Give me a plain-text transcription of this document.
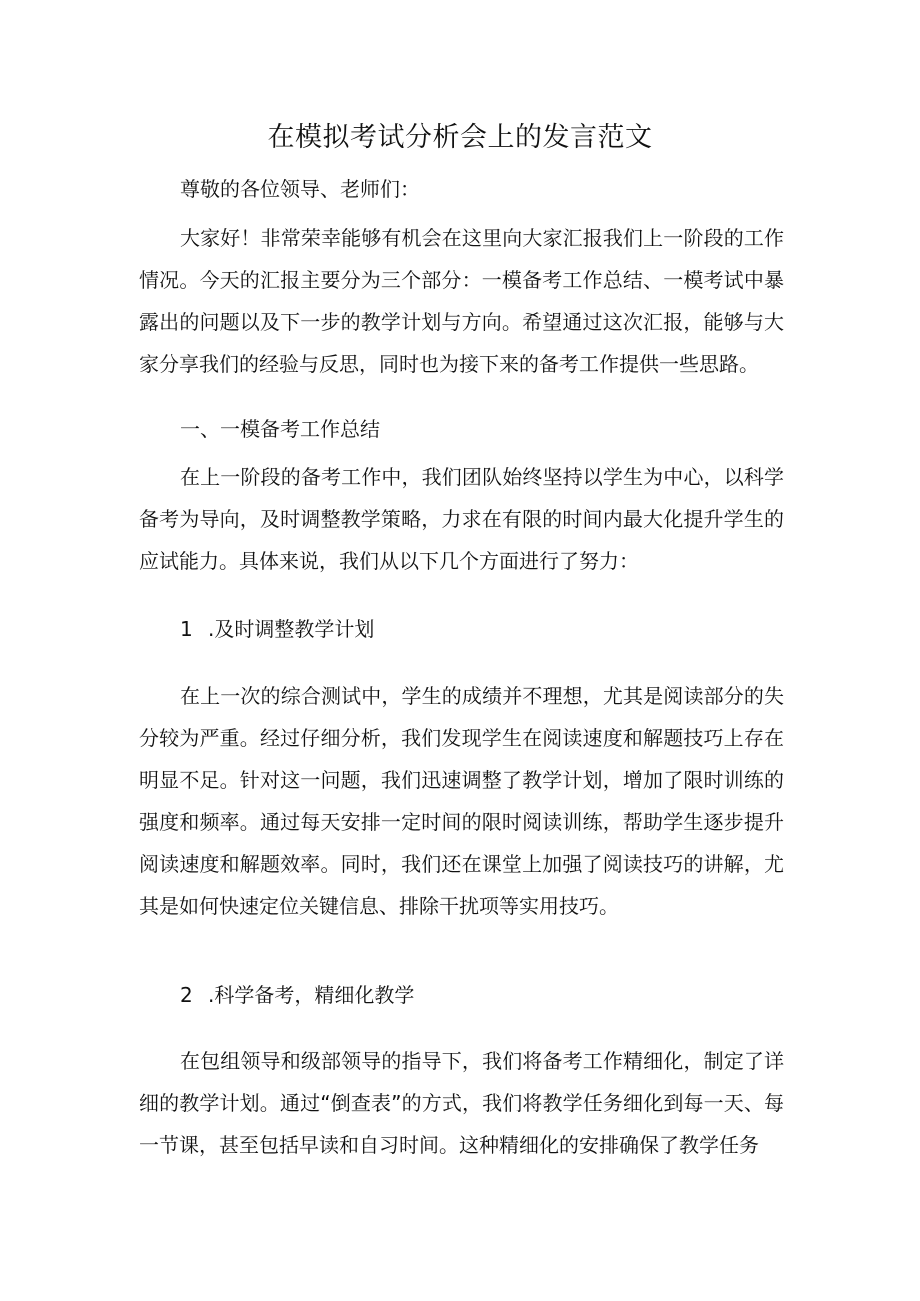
在模拟考试分析会上的发言范文

尊敬的各位领导、老师们：

大家好！非常荣幸能够有机会在这里向大家汇报我们上一阶段的工作情况。今天的汇报主要分为三个部分：一模备考工作总结、一模考试中暴露出的问题以及下一步的教学计划与方向。希望通过这次汇报，能够与大家分享我们的经验与反思，同时也为接下来的备考工作提供一些思路。

一、一模备考工作总结

在上一阶段的备考工作中，我们团队始终坚持以学生为中心，以科学备考为导向，及时调整教学策略，力求在有限的时间内最大化提升学生的应试能力。具体来说，我们从以下几个方面进行了努力：

1 .及时调整教学计划

在上一次的综合测试中，学生的成绩并不理想，尤其是阅读部分的失分较为严重。经过仔细分析，我们发现学生在阅读速度和解题技巧上存在明显不足。针对这一问题，我们迅速调整了教学计划，增加了限时训练的强度和频率。通过每天安排一定时间的限时阅读训练，帮助学生逐步提升阅读速度和解题效率。同时，我们还在课堂上加强了阅读技巧的讲解，尤其是如何快速定位关键信息、排除干扰项等实用技巧。

2 .科学备考，精细化教学

在包组领导和级部领导的指导下，我们将备考工作精细化，制定了详细的教学计划。通过“倒查表”的方式，我们将教学任务细化到每一天、每一节课，甚至包括早读和自习时间。这种精细化的安排确保了教学任务
